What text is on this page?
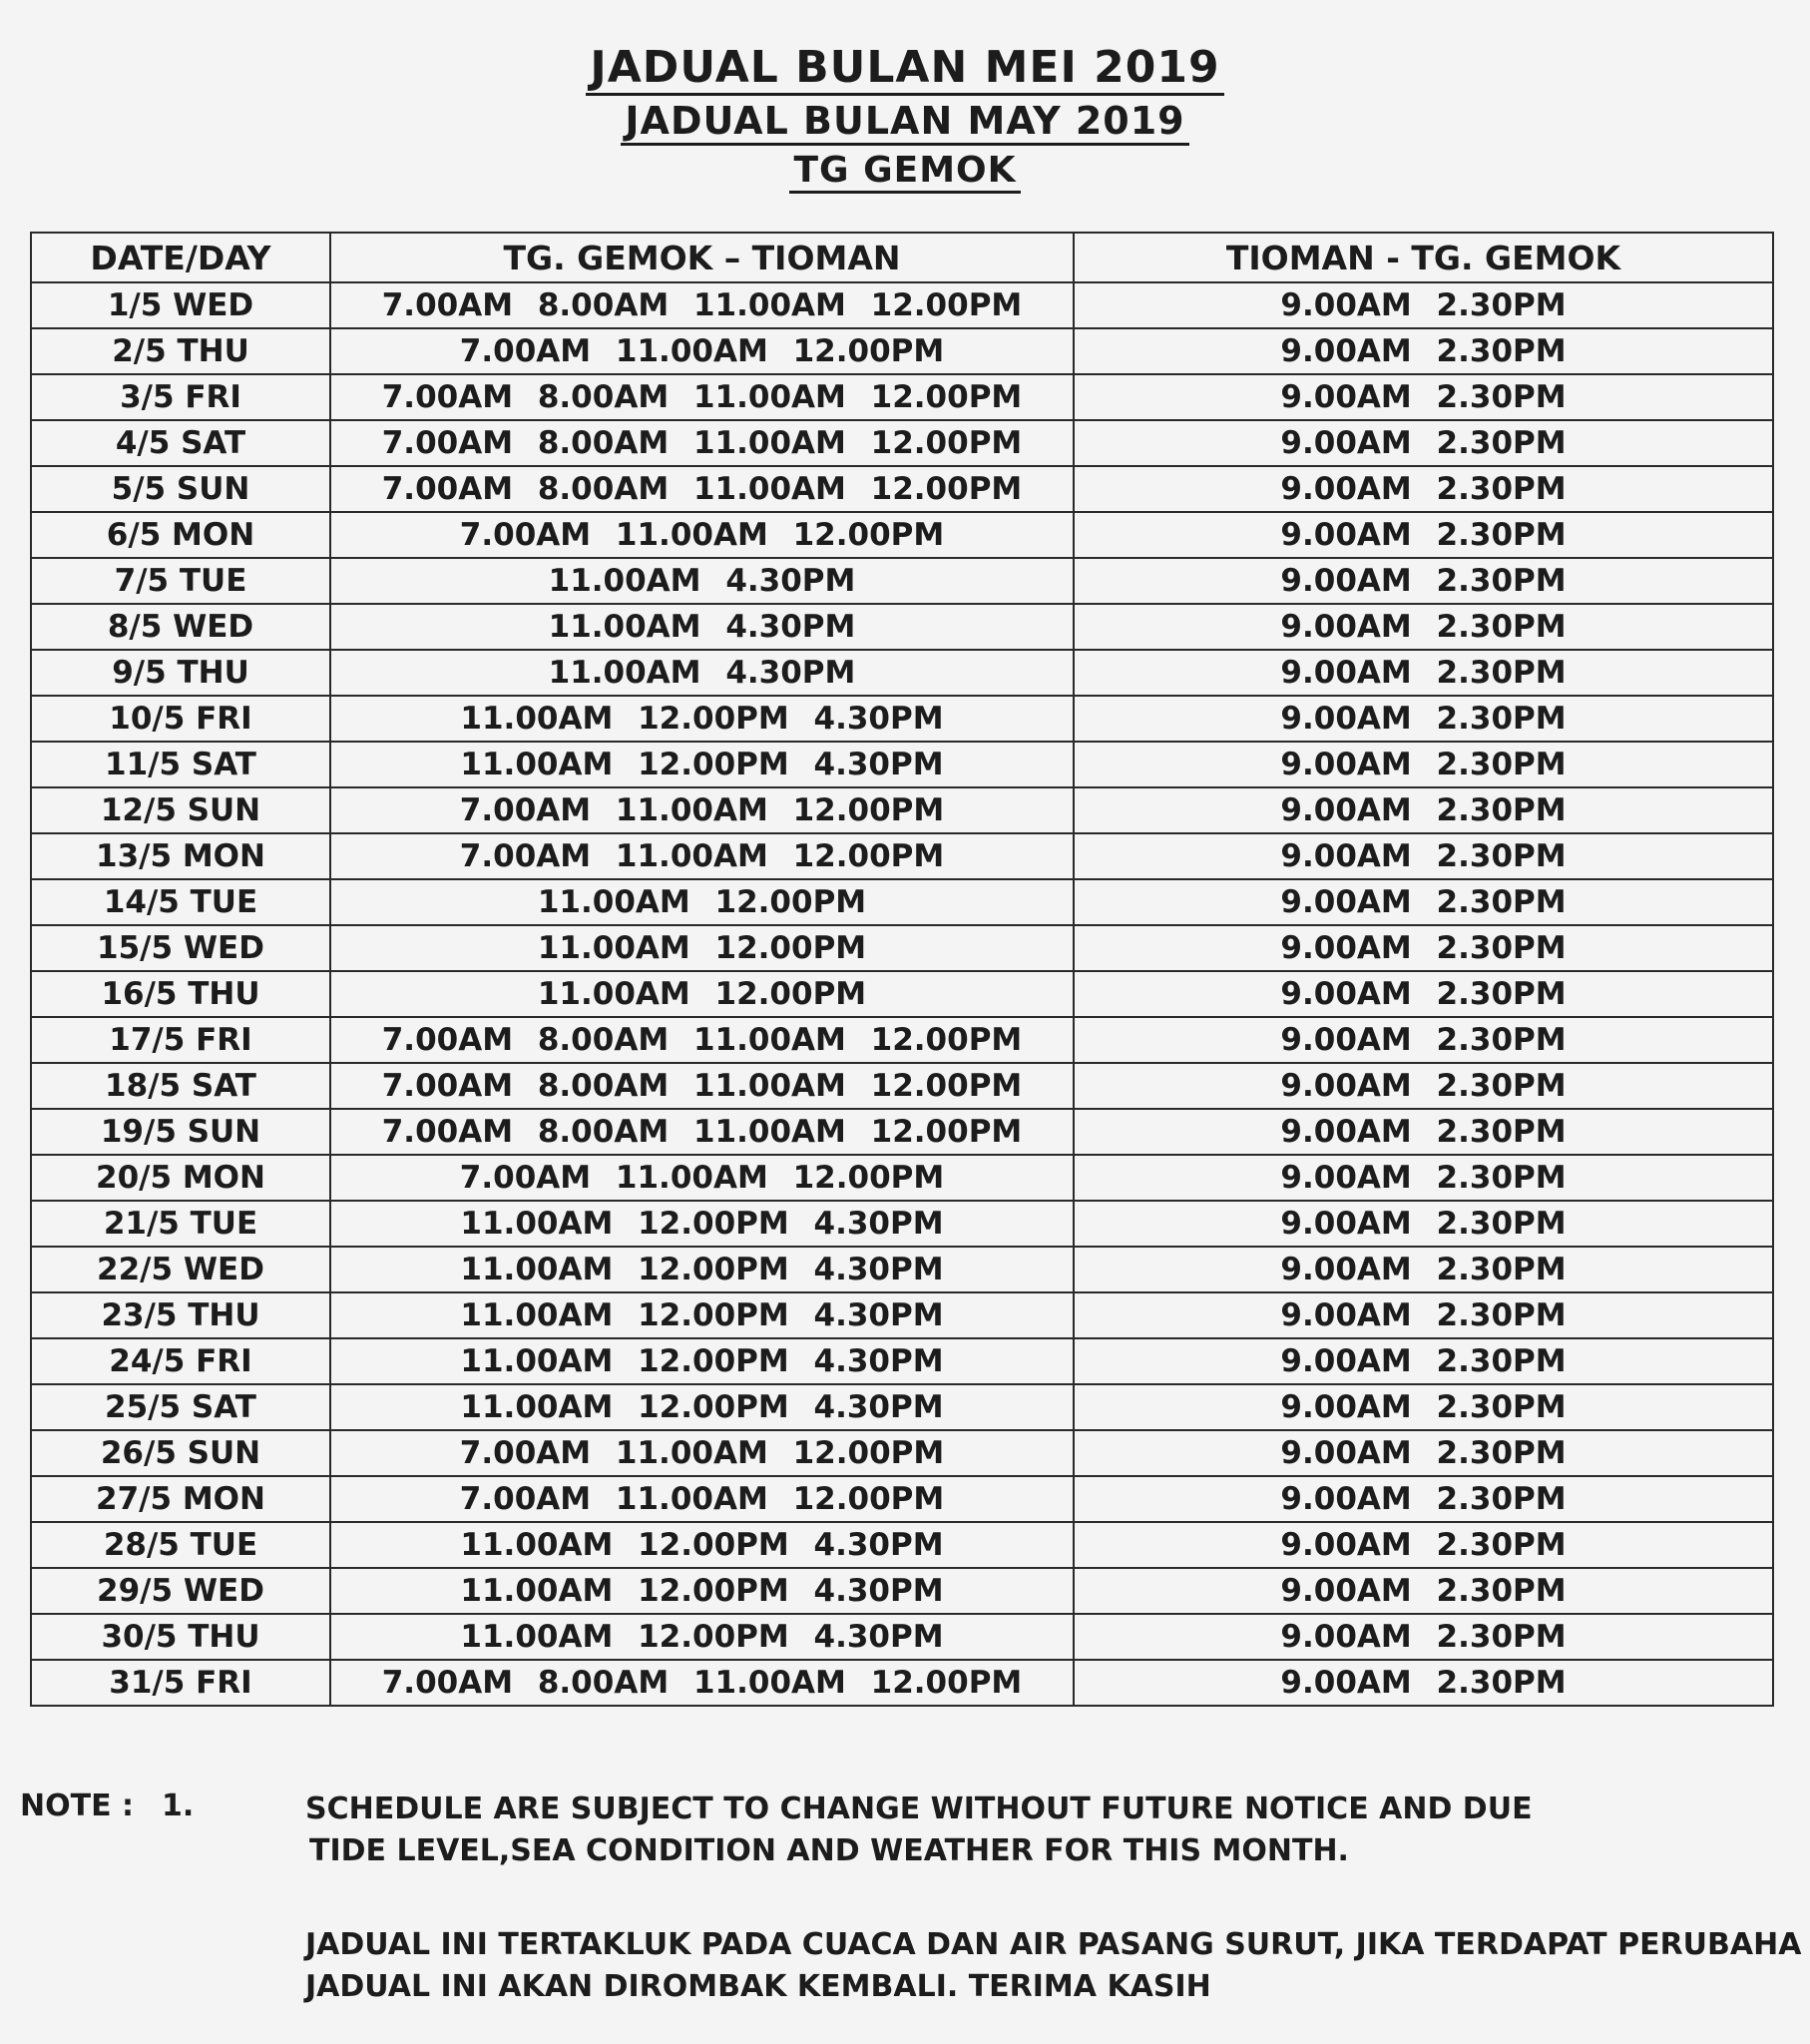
JADUAL BULAN MEI 2019
JADUAL BULAN MAY 2019
TG GEMOK
DATE/DAY	TG. GEMOK – TIOMAN	TIOMAN - TG. GEMOK
1/5 WED	7.00AM 8.00AM 11.00AM 12.00PM	9.00AM 2.30PM
2/5 THU	7.00AM 11.00AM 12.00PM	9.00AM 2.30PM
3/5 FRI	7.00AM 8.00AM 11.00AM 12.00PM	9.00AM 2.30PM
4/5 SAT	7.00AM 8.00AM 11.00AM 12.00PM	9.00AM 2.30PM
5/5 SUN	7.00AM 8.00AM 11.00AM 12.00PM	9.00AM 2.30PM
6/5 MON	7.00AM 11.00AM 12.00PM	9.00AM 2.30PM
7/5 TUE	11.00AM 4.30PM	9.00AM 2.30PM
8/5 WED	11.00AM 4.30PM	9.00AM 2.30PM
9/5 THU	11.00AM 4.30PM	9.00AM 2.30PM
10/5 FRI	11.00AM 12.00PM 4.30PM	9.00AM 2.30PM
11/5 SAT	11.00AM 12.00PM 4.30PM	9.00AM 2.30PM
12/5 SUN	7.00AM 11.00AM 12.00PM	9.00AM 2.30PM
13/5 MON	7.00AM 11.00AM 12.00PM	9.00AM 2.30PM
14/5 TUE	11.00AM 12.00PM	9.00AM 2.30PM
15/5 WED	11.00AM 12.00PM	9.00AM 2.30PM
16/5 THU	11.00AM 12.00PM	9.00AM 2.30PM
17/5 FRI	7.00AM 8.00AM 11.00AM 12.00PM	9.00AM 2.30PM
18/5 SAT	7.00AM 8.00AM 11.00AM 12.00PM	9.00AM 2.30PM
19/5 SUN	7.00AM 8.00AM 11.00AM 12.00PM	9.00AM 2.30PM
20/5 MON	7.00AM 11.00AM 12.00PM	9.00AM 2.30PM
21/5 TUE	11.00AM 12.00PM 4.30PM	9.00AM 2.30PM
22/5 WED	11.00AM 12.00PM 4.30PM	9.00AM 2.30PM
23/5 THU	11.00AM 12.00PM 4.30PM	9.00AM 2.30PM
24/5 FRI	11.00AM 12.00PM 4.30PM	9.00AM 2.30PM
25/5 SAT	11.00AM 12.00PM 4.30PM	9.00AM 2.30PM
26/5 SUN	7.00AM 11.00AM 12.00PM	9.00AM 2.30PM
27/5 MON	7.00AM 11.00AM 12.00PM	9.00AM 2.30PM
28/5 TUE	11.00AM 12.00PM 4.30PM	9.00AM 2.30PM
29/5 WED	11.00AM 12.00PM 4.30PM	9.00AM 2.30PM
30/5 THU	11.00AM 12.00PM 4.30PM	9.00AM 2.30PM
31/5 FRI	7.00AM 8.00AM 11.00AM 12.00PM	9.00AM 2.30PM
NOTE : 1.	SCHEDULE ARE SUBJECT TO CHANGE WITHOUT FUTURE NOTICE AND DUE

TIDE LEVEL,SEA CONDITION AND WEATHER FOR THIS MONTH.

JADUAL INI TERTAKLUK PADA CUACA DAN AIR PASANG SURUT, JIKA TERDAPAT PERUBAHA

JADUAL INI AKAN DIROMBAK KEMBALI. TERIMA KASIH
